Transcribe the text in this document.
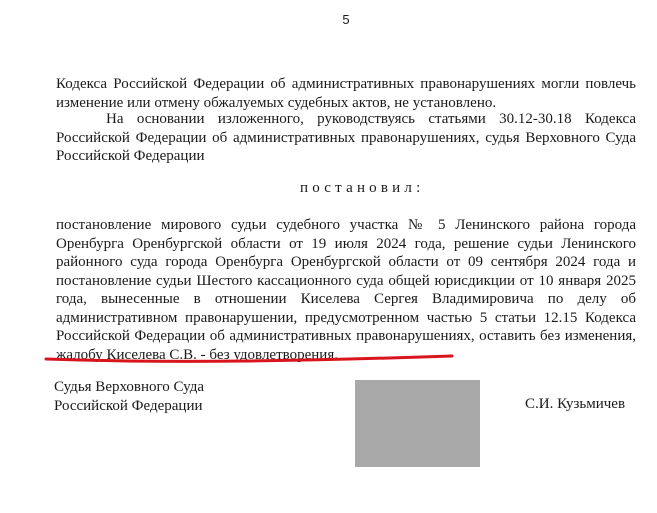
5

Кодекса Российской Федерации об административных правонарушениях могли повлечь изменение или отмену обжалуемых судебных актов, не установлено.

На основании изложенного, руководствуясь статьями 30.12-30.18 Кодекса Российской Федерации об административных правонарушениях, судья Верховного Суда Российской Федерации

постановил:

постановление мирового судьи судебного участка № 5 Ленинского района города Оренбурга Оренбургской области от 19 июля 2024 года, решение судьи Ленинского районного суда города Оренбурга Оренбургской области от 09 сентября 2024 года и постановление судьи Шестого кассационного суда общей юрисдикции от 10 января 2025 года, вынесенные в отношении Киселева Сергея Владимировича по делу об административном правонарушении, предусмотренном частью 5 статьи 12.15 Кодекса Российской Федерации об административных правонарушениях, оставить без изменения, жалобу Киселева С.В. - без удовлетворения.

Судья Верховного Суда
Российской Федерации	С.И. Кузьмичев
